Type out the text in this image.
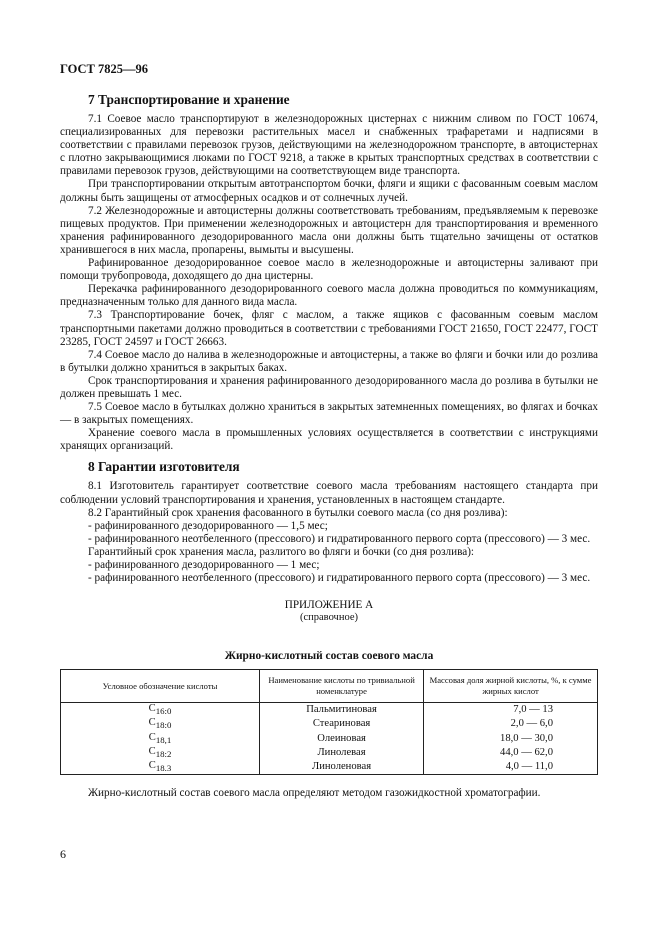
ГОСТ 7825—96
7 Транспортирование и хранение

7.1 Соевое масло транспортируют в железнодорожных цистернах с нижним сливом по ГОСТ 10674, специализированных для перевозки растительных масел и снабженных трафаретами и надписями в соответствии с правилами перевозок грузов, действующими на железнодорожном транспорте, в автоцистернах с плотно закрывающимися люками по ГОСТ 9218, а также в крытых транспортных средствах в соответствии с правилами перевозок грузов, действующими на соответствующем виде транспорта.

При транспортировании открытым автотранспортом бочки, фляги и ящики с фасованным соевым маслом должны быть защищены от атмосферных осадков и от солнечных лучей.

7.2 Железнодорожные и автоцистерны должны соответствовать требованиям, предъявляемым к перевозке пищевых продуктов. При применении железнодорожных и автоцистерн для транспортирования и временного хранения рафинированного дезодорированного масла они должны быть тщательно зачищены от остатков хранившегося в них масла, пропарены, вымыты и высушены.

Рафинированное дезодорированное соевое масло в железнодорожные и автоцистерны заливают при помощи трубопровода, доходящего до дна цистерны.

Перекачка рафинированного дезодорированного соевого масла должна проводиться по коммуникациям, предназначенным только для данного вида масла.

7.3 Транспортирование бочек, фляг с маслом, а также ящиков с фасованным соевым маслом транспортными пакетами должно проводиться в соответствии с требованиями ГОСТ 21650, ГОСТ 22477, ГОСТ 23285, ГОСТ 24597 и ГОСТ 26663.

7.4 Соевое масло до налива в железнодорожные и автоцистерны, а также во фляги и бочки или до розлива в бутылки должно храниться в закрытых баках.

Срок транспортирования и хранения рафинированного дезодорированного масла до розлива в бутылки не должен превышать 1 мес.

7.5 Соевое масло в бутылках должно храниться в закрытых затемненных помещениях, во флягах и бочках — в закрытых помещениях.

Хранение соевого масла в промышленных условиях осуществляется в соответствии с инструкциями хранящих организаций.

8 Гарантии изготовителя

8.1 Изготовитель гарантирует соответствие соевого масла требованиям настоящего стандарта при соблюдении условий транспортирования и хранения, установленных в настоящем стандарте.

8.2 Гарантийный срок хранения фасованного в бутылки соевого масла (со дня розлива):

- рафинированного дезодорированного — 1,5 мес;

- рафинированного неотбеленного (прессового) и гидратированного первого сорта (прессового) — 3 мес.

Гарантийный срок хранения масла, разлитого во фляги и бочки (со дня розлива):

- рафинированного дезодорированного — 1 мес;

- рафинированного неотбеленного (прессового) и гидратированного первого сорта (прессового) — 3 мес.

ПРИЛОЖЕНИЕ А
(справочное)
Жирно-кислотный состав соевого масла
Условное обозначение кислоты	Наименование кислоты по тривиальной номенклатуре	Массовая доля жирной кислоты, %, к сумме жирных кислот
$C_{16:0}$	Пальмитиновая	7,0 — 13
$C_{18:0}$	Стеариновая	2,0 — 6,0
$C_{18,1}$	Олеиновая	18,0 — 30,0
$C_{18:2}$	Линолевая	44,0 — 62,0
$C_{18.3}$	Линоленовая	4,0 — 11,0

Жирно-кислотный состав соевого масла определяют методом газожидкостной хроматографии.

6
